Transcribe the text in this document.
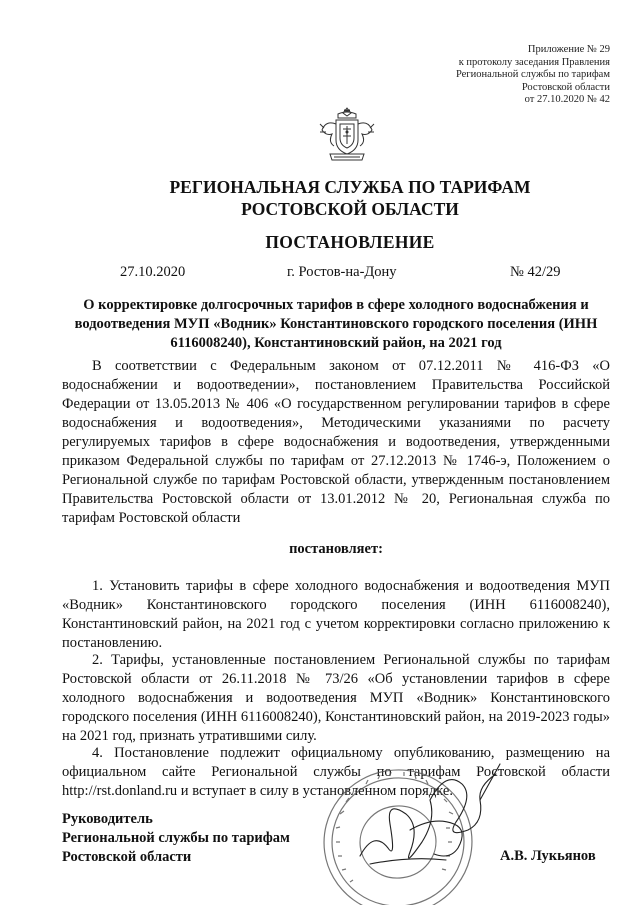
Приложение № 29
к протоколу заседания Правления
Региональной службы по тарифам
Ростовской области
от 27.10.2020 № 42
РЕГИОНАЛЬНАЯ СЛУЖБА ПО ТАРИФАМ
РОСТОВСКОЙ ОБЛАСТИ
ПОСТАНОВЛЕНИЕ
27.10.2020	г. Ростов-на-Дону	№ 42/29
О корректировке долгосрочных тарифов в сфере холодного водоснабжения и водоотведения МУП «Водник» Константиновского городского поселения (ИНН 6116008240), Константиновский район, на 2021 год
В соответствии с Федеральным законом от 07.12.2011 № 416-ФЗ «О водоснабжении и водоотведении», постановлением Правительства Российской Федерации от 13.05.2013 № 406 «О государственном регулировании тарифов в сфере водоснабжения и водоотведения», Методическими указаниями по расчету регулируемых тарифов в сфере водоснабжения и водоотведения, утвержденными приказом Федеральной службы по тарифам от 27.12.2013 № 1746-э, Положением о Региональной службе по тарифам Ростовской области, утвержденным постановлением Правительства Ростовской области от 13.01.2012 № 20, Региональная служба по тарифам Ростовской области
постановляет:
1. Установить тарифы в сфере холодного водоснабжения и водоотведения МУП «Водник» Константиновского городского поселения (ИНН 6116008240), Константиновский район, на 2021 год с учетом корректировки согласно приложению к постановлению.
2. Тарифы, установленные постановлением Региональной службы по тарифам Ростовской области от 26.11.2018 № 73/26 «Об установлении тарифов в сфере холодного водоснабжения и водоотведения МУП «Водник» Константиновского городского поселения (ИНН 6116008240), Константиновский район, на 2019-2023 годы» на 2021 год, признать утратившими силу.
4. Постановление подлежит официальному опубликованию, размещению на официальном сайте Региональной службы по тарифам Ростовской области http://rst.donland.ru и вступает в силу в установленном порядке.
Руководитель
Региональной службы по тарифам
Ростовской области	А.В. Лукьянов
